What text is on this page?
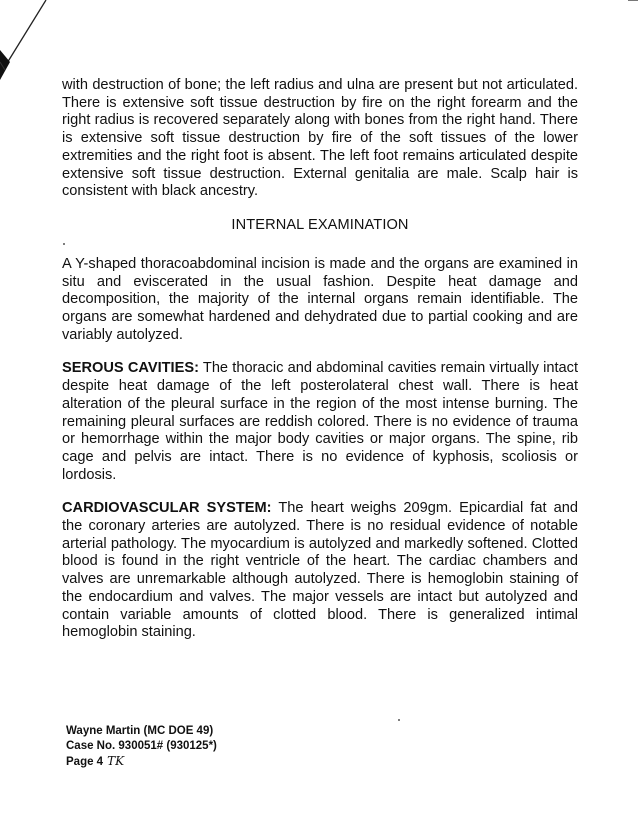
with destruction of bone; the left radius and ulna are present but not articulated. There is extensive soft tissue destruction by fire on the right forearm and the right radius is recovered separately along with bones from the right hand. There is extensive soft tissue destruction by fire of the soft tissues of the lower extremities and the right foot is absent. The left foot remains articulated despite extensive soft tissue destruction. External genitalia are male. Scalp hair is consistent with black ancestry.

INTERNAL EXAMINATION

A Y-shaped thoracoabdominal incision is made and the organs are examined in situ and eviscerated in the usual fashion. Despite heat damage and decomposition, the majority of the internal organs remain identifiable. The organs are somewhat hardened and dehydrated due to partial cooking and are variably autolyzed.

SEROUS CAVITIES: The thoracic and abdominal cavities remain virtually intact despite heat damage of the left posterolateral chest wall. There is heat alteration of the pleural surface in the region of the most intense burning. The remaining pleural surfaces are reddish colored. There is no evidence of trauma or hemorrhage within the major body cavities or major organs. The spine, rib cage and pelvis are intact. There is no evidence of kyphosis, scoliosis or lordosis.

CARDIOVASCULAR SYSTEM: The heart weighs 209gm. Epicardial fat and the coronary arteries are autolyzed. There is no residual evidence of notable arterial pathology. The myocardium is autolyzed and markedly softened. Clotted blood is found in the right ventricle of the heart. The cardiac chambers and valves are unremarkable although autolyzed. There is hemoglobin staining of the endocardium and valves. The major vessels are intact but autolyzed and contain variable amounts of clotted blood. There is generalized intimal hemoglobin staining.

Wayne Martin (MC DOE 49)
Case No. 930051# (930125*)
Page 4 TK
